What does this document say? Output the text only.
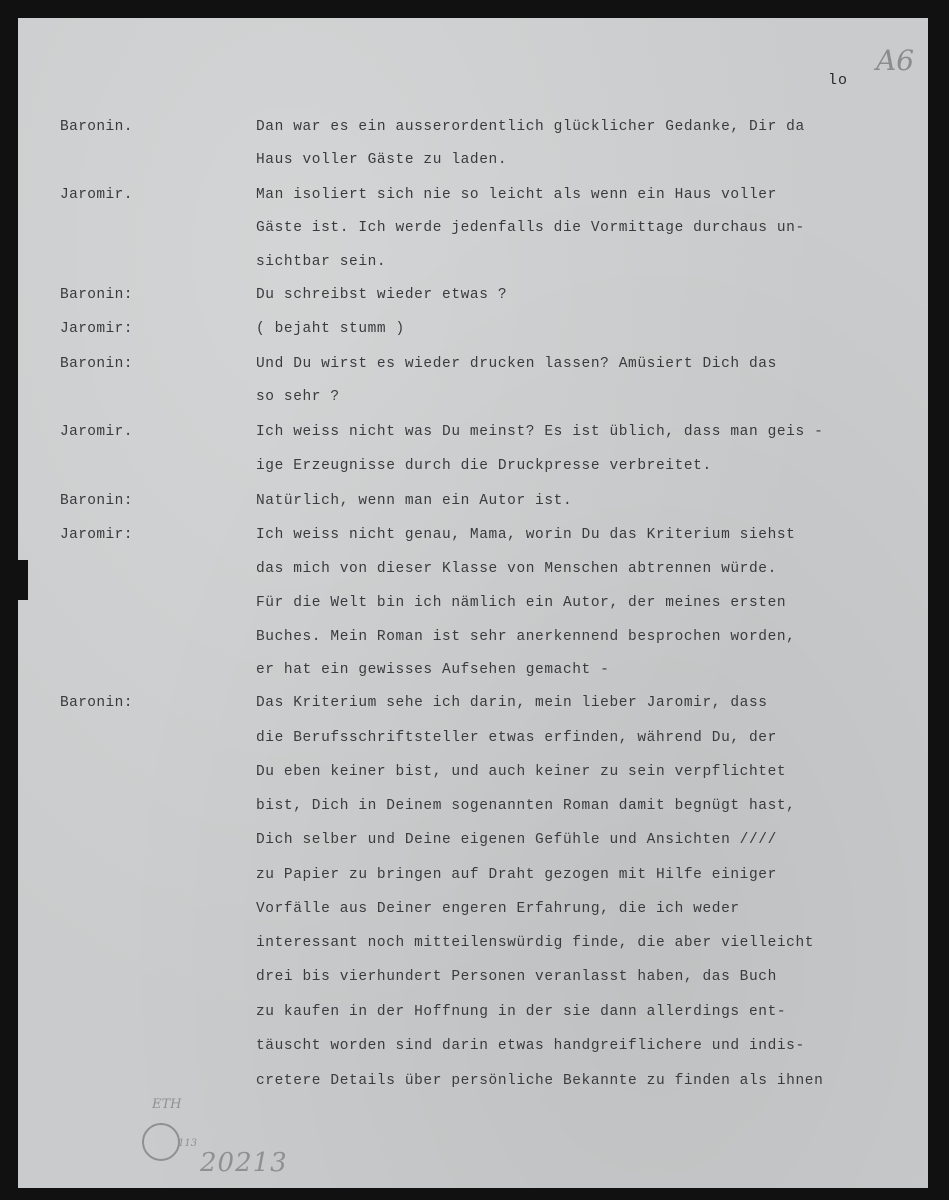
A6
lo
Baronin.
Jaromir.
Baronin:
Jaromir:
Baronin:
Jaromir.
Baronin:
Jaromir:
Baronin:
Dan war es ein ausserordentlich glücklicher Gedanke, Dir da
Haus voller Gäste zu laden.
Man isoliert sich nie so leicht als wenn ein Haus voller
Gäste ist. Ich werde jedenfalls die Vormittage durchaus un-
sichtbar sein.
Du schreibst wieder etwas ?
( bejaht stumm )
Und Du wirst es wieder drucken lassen? Amüsiert Dich das
so sehr ?
Ich weiss nicht was Du meinst? Es ist üblich, dass man geis -
ige Erzeugnisse durch die Druckpresse verbreitet.
Natürlich, wenn man ein Autor ist.
Ich weiss nicht genau, Mama, worin Du das Kriterium siehst
das mich von dieser Klasse von Menschen abtrennen würde.
Für die Welt bin ich nämlich ein Autor, der meines ersten
Buches. Mein Roman ist sehr anerkennend besprochen worden,
er hat ein gewisses Aufsehen gemacht -
Das Kriterium sehe ich darin, mein lieber Jaromir, dass
die Berufsschriftsteller etwas erfinden, während Du, der
Du eben keiner bist, und auch keiner zu sein verpflichtet
bist, Dich in Deinem sogenannten Roman damit begnügt hast,
Dich selber und Deine eigenen Gefühle und Ansichten ////
zu Papier zu bringen auf Draht gezogen mit Hilfe einiger
Vorfälle aus Deiner engeren Erfahrung, die ich weder
interessant noch mitteilenswürdig finde, die aber vielleicht
drei bis vierhundert Personen veranlasst haben, das Buch
zu kaufen in der Hoffnung in der sie dann allerdings ent-
täuscht worden sind darin etwas handgreiflichere und indis-
cretere Details über persönliche Bekannte zu finden als ihnen
ETH
113
20213
